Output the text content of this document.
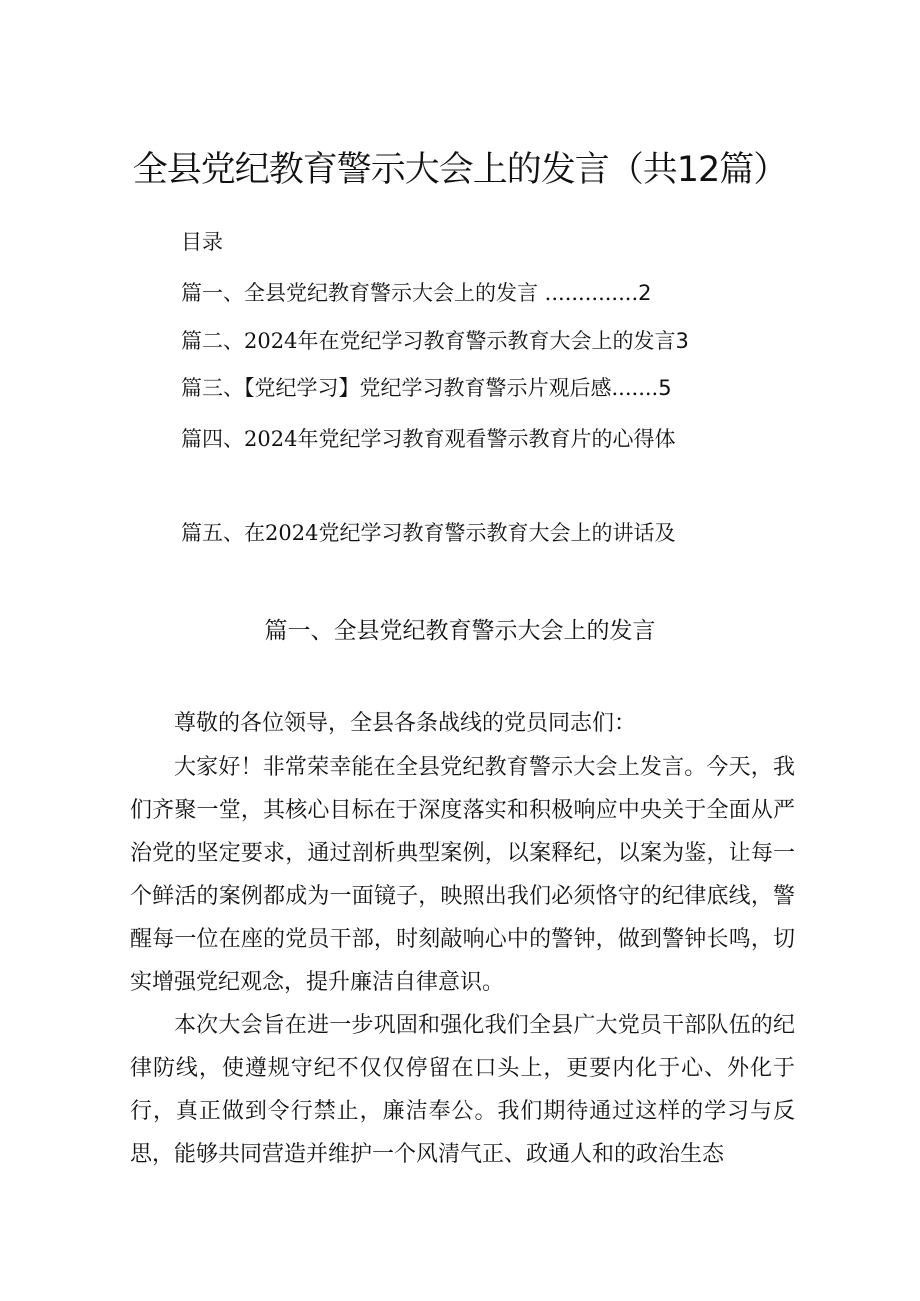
全县党纪教育警示大会上的发言（共12篇）
目录
篇一、全县党纪教育警示大会上的发言 ..............2
篇二、2024年在党纪学习教育警示教育大会上的发言3
篇三、【党纪学习】党纪学习教育警示片观后感.......5
篇四、2024年党纪学习教育观看警示教育片的心得体
篇五、在2024党纪学习教育警示教育大会上的讲话及
篇一、全县党纪教育警示大会上的发言
尊敬的各位领导，全县各条战线的党员同志们：
大家好！非常荣幸能在全县党纪教育警示大会上发言。今天，我们齐聚一堂，其核心目标在于深度落实和积极响应中央关于全面从严治党的坚定要求，通过剖析典型案例，以案释纪，以案为鉴，让每一个鲜活的案例都成为一面镜子，映照出我们必须恪守的纪律底线，警醒每一位在座的党员干部，时刻敲响心中的警钟，做到警钟长鸣，切实增强党纪观念，提升廉洁自律意识。
本次大会旨在进一步巩固和强化我们全县广大党员干部队伍的纪律防线，使遵规守纪不仅仅停留在口头上，更要内化于心、外化于行，真正做到令行禁止，廉洁奉公。我们期待通过这样的学习与反思，能够共同营造并维护一个风清气正、政通人和的政治生态
